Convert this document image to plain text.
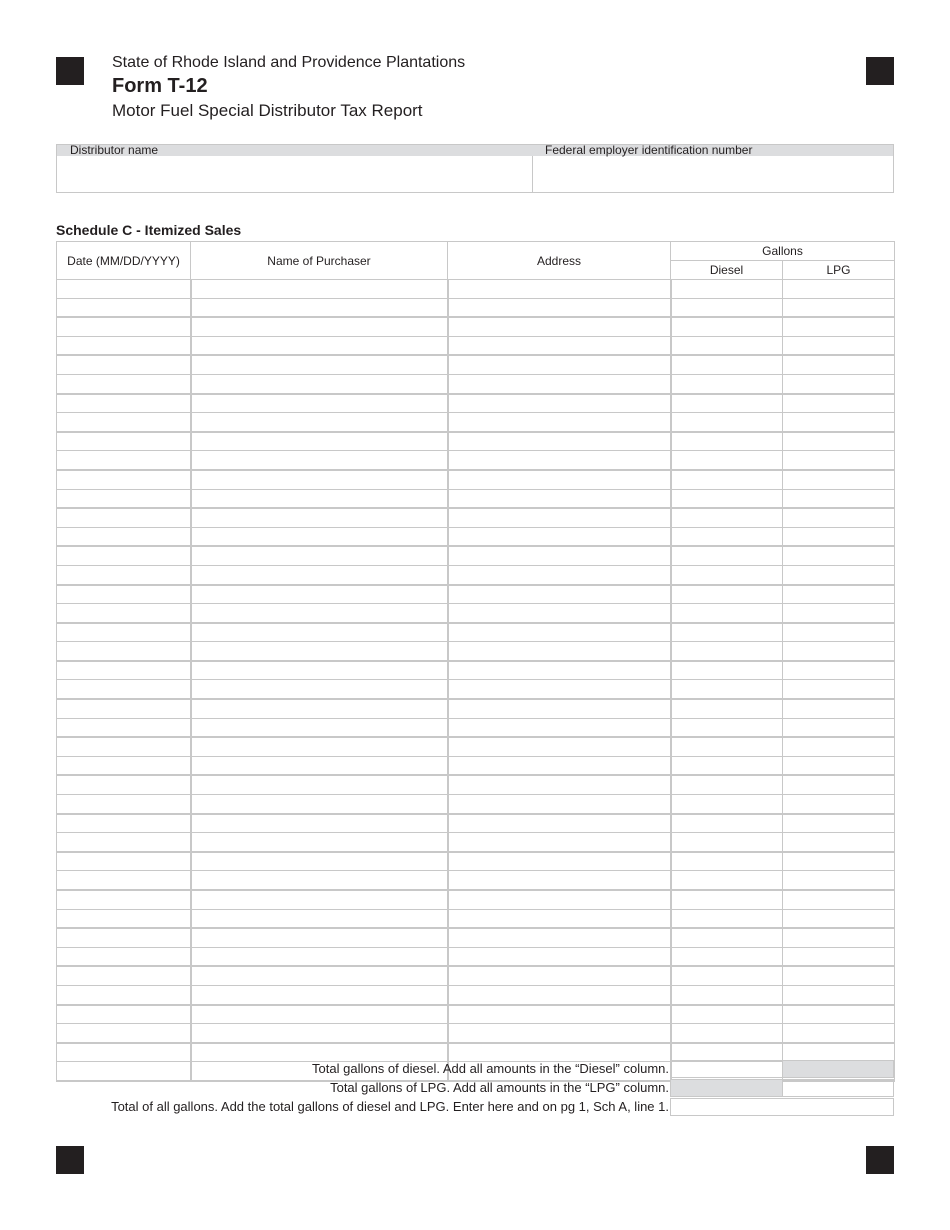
State of Rhode Island and Providence Plantations
Form T-12
Motor Fuel Special Distributor Tax Report
Distributor name	Federal employer identification number
Schedule C - Itemized Sales
Date (MM/DD/YYYY)	Name of Purchaser	Address	Gallons	
			Diesel	LPG

Total gallons of diesel. Add all amounts in the “Diesel” column.
Total gallons of LPG. Add all amounts in the “LPG” column.
Total of all gallons. Add the total gallons of diesel and LPG. Enter here and on pg 1, Sch A, line 1.
